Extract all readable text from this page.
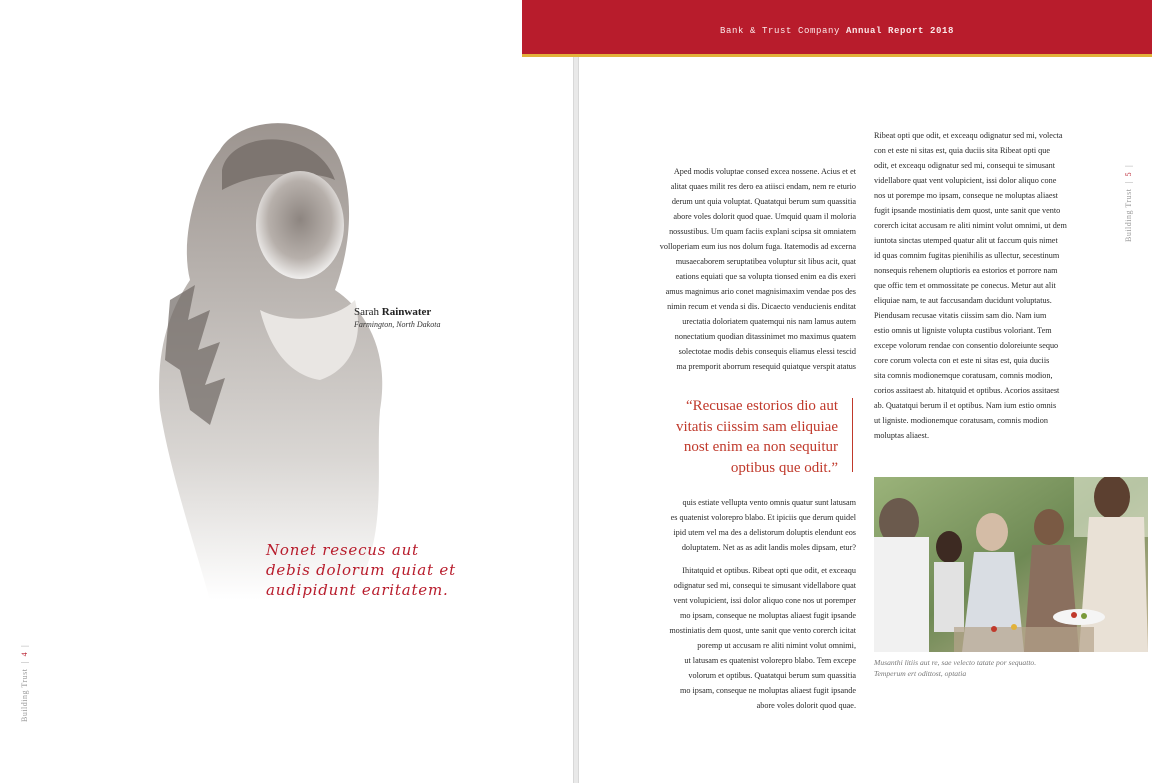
Bank & Trust Company Annual Report 2018
Sarah Rainwater
Farmington, North Dakota
Nonet resecus aut
debis dolorum quiat et
audipidunt earitatem.
Building Trust  |  4  |
Aped modis voluptae consed excea nossene. Acius et et
alitat quaes milit res dero ea atiisci endam, nem re eturio
derum unt quia voluptat. Quatatqui berum sum quassitia
abore voles dolorit quod quae. Umquid quam il moloria
nossustibus. Um quam faciis explani scipsa sit omniatem
vollореriam eum ius nos dolum fuga. Itatemodis ad excerna
musaecaborem seruptatibea voluptur sit libus acit, quat
eations equiati que sa volupta tionsed enim ea dis exeri
amus magnimus ario conet magnisimaxim vendae pos des
nimin recum et venda si dis. Dicaecto venducienis enditat
urectatia doloriatem quatemqui nis nam lamus autem
nonectatium quodian ditassinimet mo maximus quatem
solectotae modis debis consequis eliamus elessi tescid
ma premporit aborrum resequid quiatque verspit atatus
“Recusae estorios dio aut
vitatis ciissim sam eliquiae
nost enim ea non sequitur
optibus que odit.”
quis estiate vellupta vento omnis quatur sunt latusam
es quatenist volorepro blabo. Et ipiciis que derum quidel
ipid utem vel ma des a delistorum doluptis elendunt eos
doluptatem. Net as as adit landis moles dipsam, etur?
Ihitatquid et optibus. Ribeat opti que odit, et exceaqu
odignatur sed mi, consequi te simusant videllabore quat
vent volupicient, issi dolor aliquo cone nos ut poremper
mo ipsam, conseque ne moluptas aliaest fugit ipsande
mostiniatis dem quost, unte sanit que vento corerch icitat
poremp ut accusam re aliti nimint volut omnimi,
ut latusam es quatenist volorepro blabo. Tem excepe
volorum et optibus. Quatatqui berum sum quassitia
mo ipsam, conseque ne moluptas aliaest fugit ipsande
abore voles dolorit quod quae.
Ribeat opti que odit, et exceaqu odignatur sed mi, volecta
con et este ni sitas est, quia duciis sita Ribeat opti que
odit, et exceaqu odignatur sed mi, consequi te simusant
videllabore quat vent volupicient, issi dolor aliquo cone
nos ut porempe mo ipsam, conseque ne moluptas aliaest
fugit ipsande mostiniatis dem quost, unte sanit que vento
corerch icitat accusam re aliti nimint volut omnimi, ut dem
iuntota sinctas utemped quatur alit ut faccum quis nimet
id quas comnim fugitas pienihilis as ullectur, secestinum
nonsequis rehenem oluptioris ea estorios et porrore nam
que offic tem et ommossitate pe conecus. Metur aut alit
eliquiae nam, te aut faccusandam ducidunt voluptatus.
Piendusam recusae vitatis ciissim sam dio. Nam ium
estio omnis ut ligniste volupta custibus voloriant. Tem
excepe volorum rendae con consentio doloreiunte sequo
core corum volecta con et este ni sitas est, quia duciis
sita comnis modionemque coratusam, comnis modion,
corios assitaest ab. hitatquid et optibus. Acorios assitaest
ab. Quatatqui berum il et optibus. Nam ium estio omnis
ut ligniste. modionemque coratusam, comnis modion
moluptas aliaest.
Building Trust  |  5  |
Musanthi litiis aut re, sae velecto tatate por sequatto.
Temperum ert odittost, optatia
